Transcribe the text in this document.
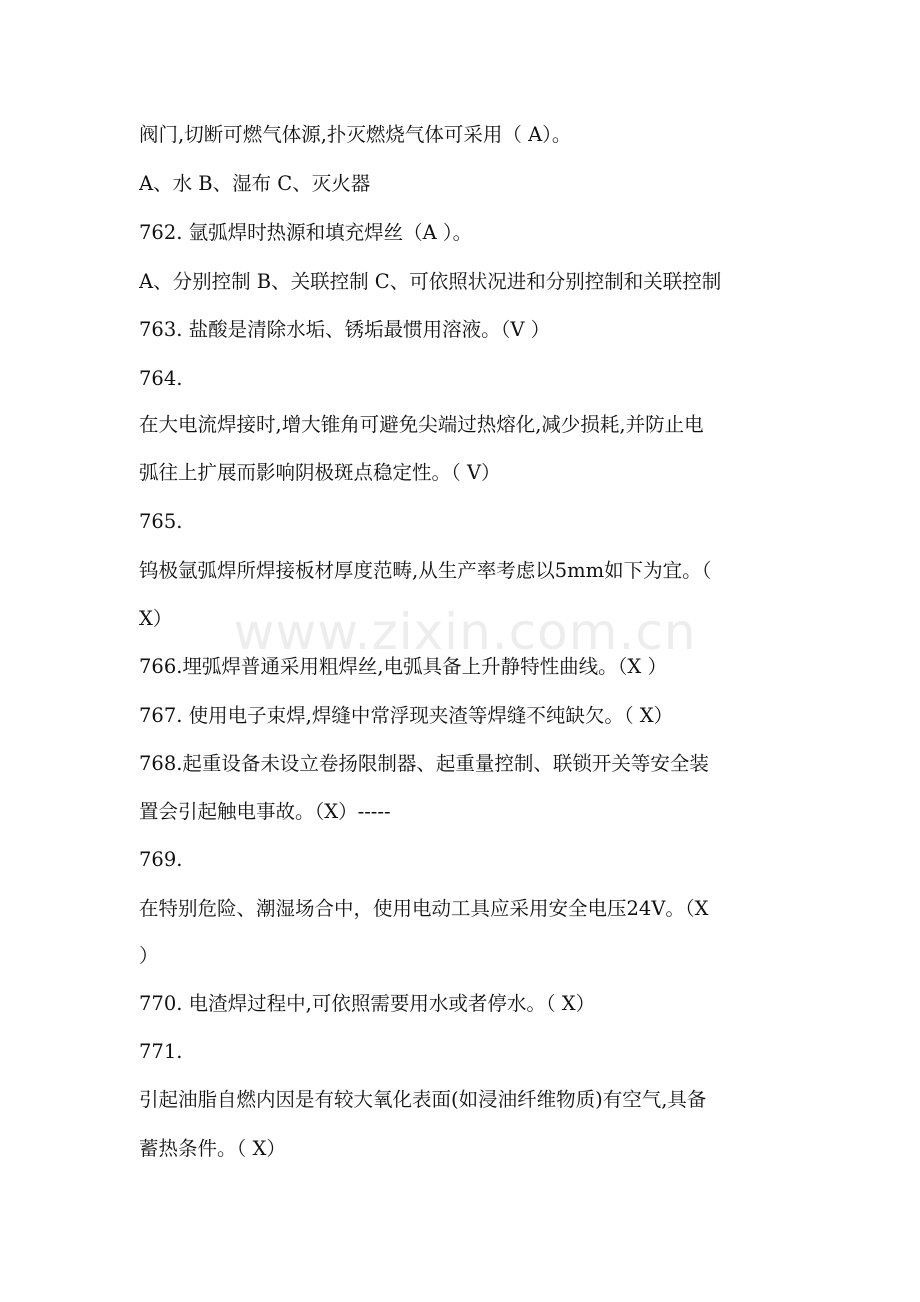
阀门,切断可燃气体源,扑灭燃烧气体可采用（ A）。
A、水 B、湿布 C、灭火器
762. 氩弧焊时热源和填充焊丝（A ）。
A、分别控制 B、关联控制 C、可依照状况进和分别控制和关联控制
763. 盐酸是清除水垢、锈垢最惯用溶液。（V ）
764.
在大电流焊接时,增大锥角可避免尖端过热熔化,减少损耗,并防止电
弧往上扩展而影响阴极斑点稳定性。（ V）
765.
钨极氩弧焊所焊接板材厚度范畴,从生产率考虑以5mm如下为宜。（
X）
766.埋弧焊普通采用粗焊丝,电弧具备上升静特性曲线。（X ）
767. 使用电子束焊,焊缝中常浮现夹渣等焊缝不纯缺欠。（ X）
768.起重设备未设立卷扬限制器、起重量控制、联锁开关等安全装
置会引起触电事故。（X）-----
769.
在特别危险、潮湿场合中，使用电动工具应采用安全电压24V。（X
）
770. 电渣焊过程中,可依照需要用水或者停水。（ X）
771.
引起油脂自燃内因是有较大氧化表面(如浸油纤维物质)有空气,具备
蓄热条件。（ X）
www.zixin.com.cn
